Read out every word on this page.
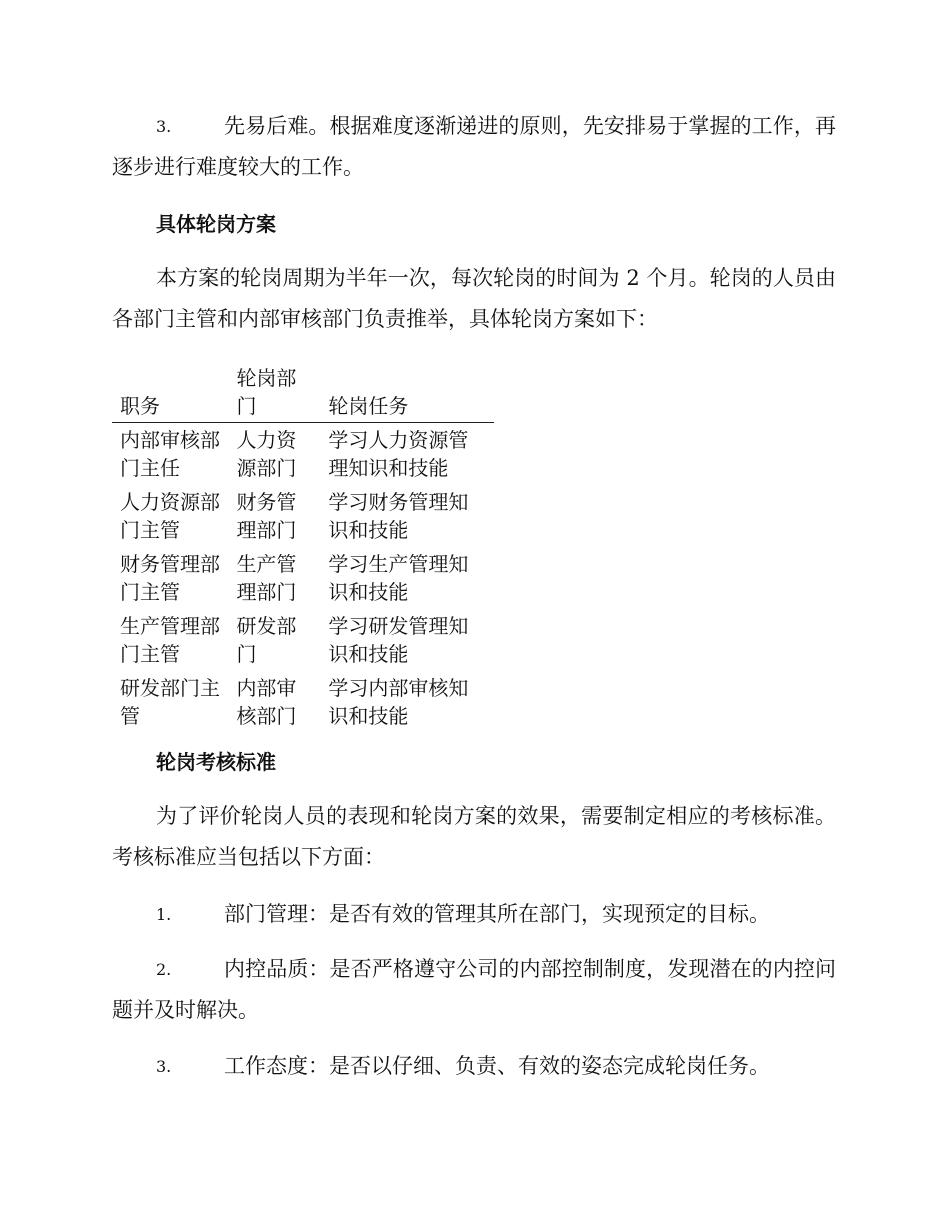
3.	先易后难。根据难度逐渐递进的原则，先安排易于掌握的工作，再逐步进行难度较大的工作。
具体轮岗方案

本方案的轮岗周期为半年一次，每次轮岗的时间为 2 个月。轮岗的人员由各部门主管和内部审核部门负责推举，具体轮岗方案如下：

职务	轮岗部门	轮岗任务
内部审核部门主任	人力资源部门	学习人力资源管理知识和技能
人力资源部门主管	财务管理部门	学习财务管理知识和技能
财务管理部门主管	生产管理部门	学习生产管理知识和技能
生产管理部门主管	研发部门	学习研发管理知识和技能
研发部门主管	内部审核部门	学习内部审核知识和技能
轮岗考核标准

为了评价轮岗人员的表现和轮岗方案的效果，需要制定相应的考核标准。考核标准应当包括以下方面：

1.	部门管理：是否有效的管理其所在部门，实现预定的目标。
2.	内控品质：是否严格遵守公司的内部控制制度，发现潜在的内控问题并及时解决。
3.	工作态度：是否以仔细、负责、有效的姿态完成轮岗任务。
